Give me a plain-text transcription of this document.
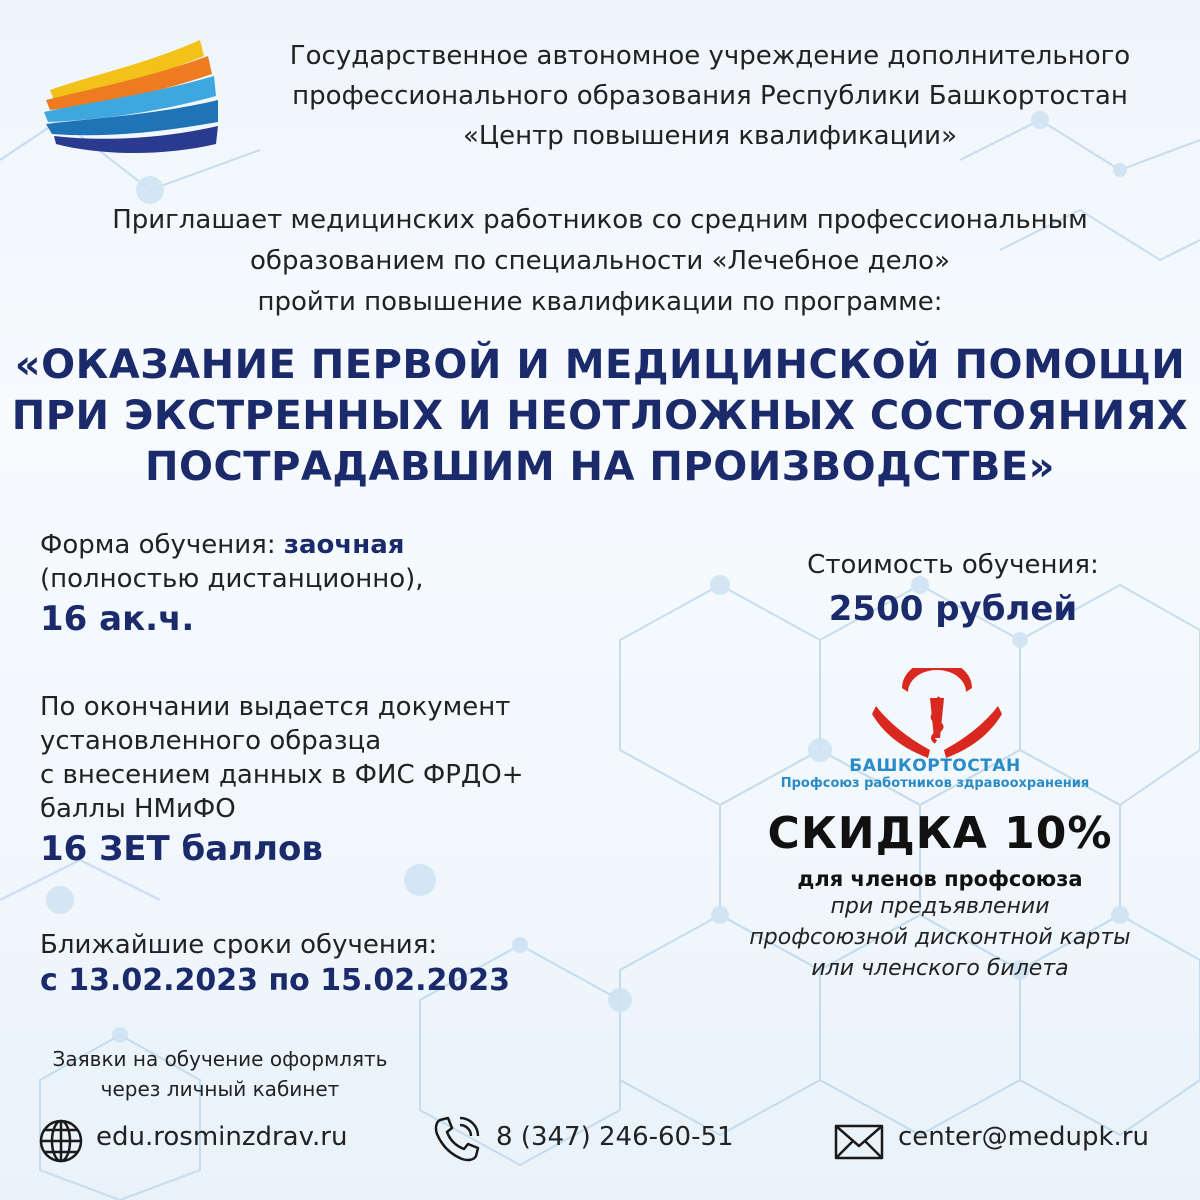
Государственное автономное учреждение дополнительного
профессионального образования Республики Башкортостан
«Центр повышения квалификации»
Приглашает медицинских работников со средним профессиональным
образованием по специальности «Лечебное дело»
пройти повышение квалификации по программе:
«ОКАЗАНИЕ ПЕРВОЙ И МЕДИЦИНСКОЙ ПОМОЩИ
ПРИ ЭКСТРЕННЫХ И НЕОТЛОЖНЫХ СОСТОЯНИЯХ
ПОСТРАДАВШИМ НА ПРОИЗВОДСТВЕ»
Форма обучения: заочная
(полностью дистанционно),
16 ак.ч.
По окончании выдается документ
установленного образца
с внесением данных в ФИС ФРДО+
баллы НМиФО
16 ЗЕТ баллов
Ближайшие сроки обучения:
с 13.02.2023 по 15.02.2023
Стоимость обучения:
2500 рублей
БАШКОРТОСТАН
Профсоюз работников здравоохранения
СКИДКА 10%
для членов профсоюза
при предъявлении
профсоюзной дисконтной карты
или членского билета
Заявки на обучение оформлять
через личный кабинет
edu.rosminzdrav.ru	8 (347) 246-60-51	center@medupk.ru
